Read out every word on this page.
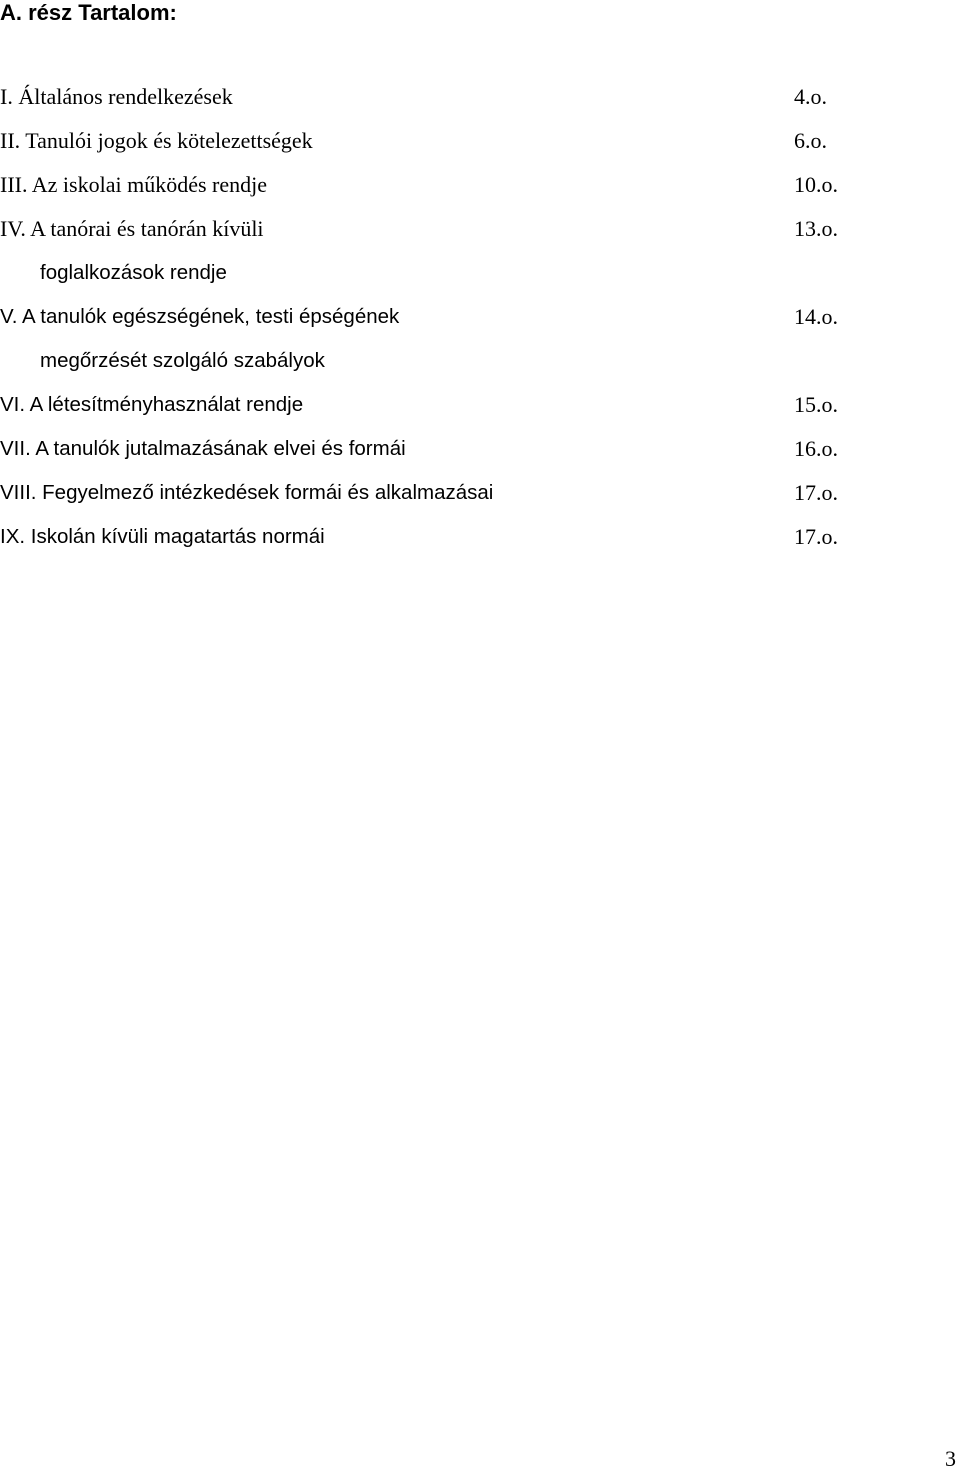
A. rész Tartalom:
I. Általános rendelkezések	4.o.
II. Tanulói jogok és kötelezettségek	6.o.
III. Az iskolai működés rendje	10.o.
IV. A tanórai és tanórán kívüli	13.o.
foglalkozások rendje
V. A tanulók egészségének, testi épségének	14.o.
megőrzését szolgáló szabályok
VI. A létesítményhasználat rendje	15.o.
VII. A tanulók jutalmazásának elvei és formái	16.o.
VIII. Fegyelmező intézkedések formái és alkalmazásai	17.o.
IX. Iskolán kívüli magatartás normái	17.o.
3
